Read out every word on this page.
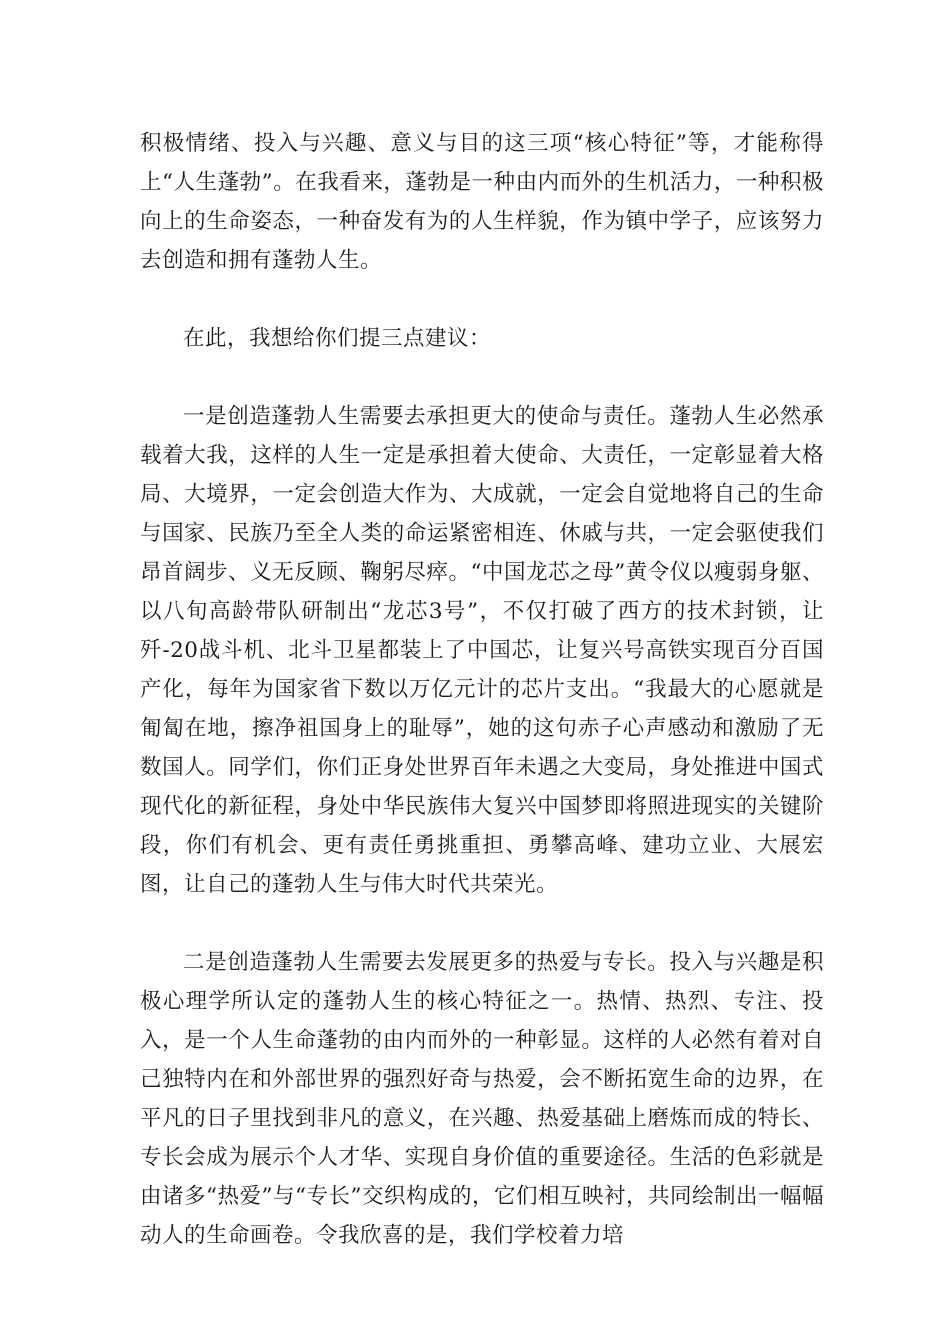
积极情绪、投入与兴趣、意义与目的这三项“核心特征”等，才能称得上“人生蓬勃”。在我看来，蓬勃是一种由内而外的生机活力，一种积极向上的生命姿态，一种奋发有为的人生样貌，作为镇中学子，应该努力去创造和拥有蓬勃人生。

在此，我想给你们提三点建议：

一是创造蓬勃人生需要去承担更大的使命与责任。蓬勃人生必然承载着大我，这样的人生一定是承担着大使命、大责任，一定彰显着大格局、大境界，一定会创造大作为、大成就，一定会自觉地将自己的生命与国家、民族乃至全人类的命运紧密相连、休戚与共，一定会驱使我们昂首阔步、义无反顾、鞠躬尽瘁。“中国龙芯之母”黄令仪以瘦弱身躯、以八旬高龄带队研制出“龙芯3号”，不仅打破了西方的技术封锁，让歼-20战斗机、北斗卫星都装上了中国芯，让复兴号高铁实现百分百国产化，每年为国家省下数以万亿元计的芯片支出。“我最大的心愿就是匍匐在地，擦净祖国身上的耻辱”，她的这句赤子心声感动和激励了无数国人。同学们，你们正身处世界百年未遇之大变局，身处推进中国式现代化的新征程，身处中华民族伟大复兴中国梦即将照进现实的关键阶段，你们有机会、更有责任勇挑重担、勇攀高峰、建功立业、大展宏图，让自己的蓬勃人生与伟大时代共荣光。

二是创造蓬勃人生需要去发展更多的热爱与专长。投入与兴趣是积极心理学所认定的蓬勃人生的核心特征之一。热情、热烈、专注、投入，是一个人生命蓬勃的由内而外的一种彰显。这样的人必然有着对自己独特内在和外部世界的强烈好奇与热爱，会不断拓宽生命的边界，在平凡的日子里找到非凡的意义，在兴趣、热爱基础上磨炼而成的特长、专长会成为展示个人才华、实现自身价值的重要途径。生活的色彩就是由诸多“热爱”与“专长”交织构成的，它们相互映衬，共同绘制出一幅幅动人的生命画卷。令我欣喜的是，我们学校着力培
